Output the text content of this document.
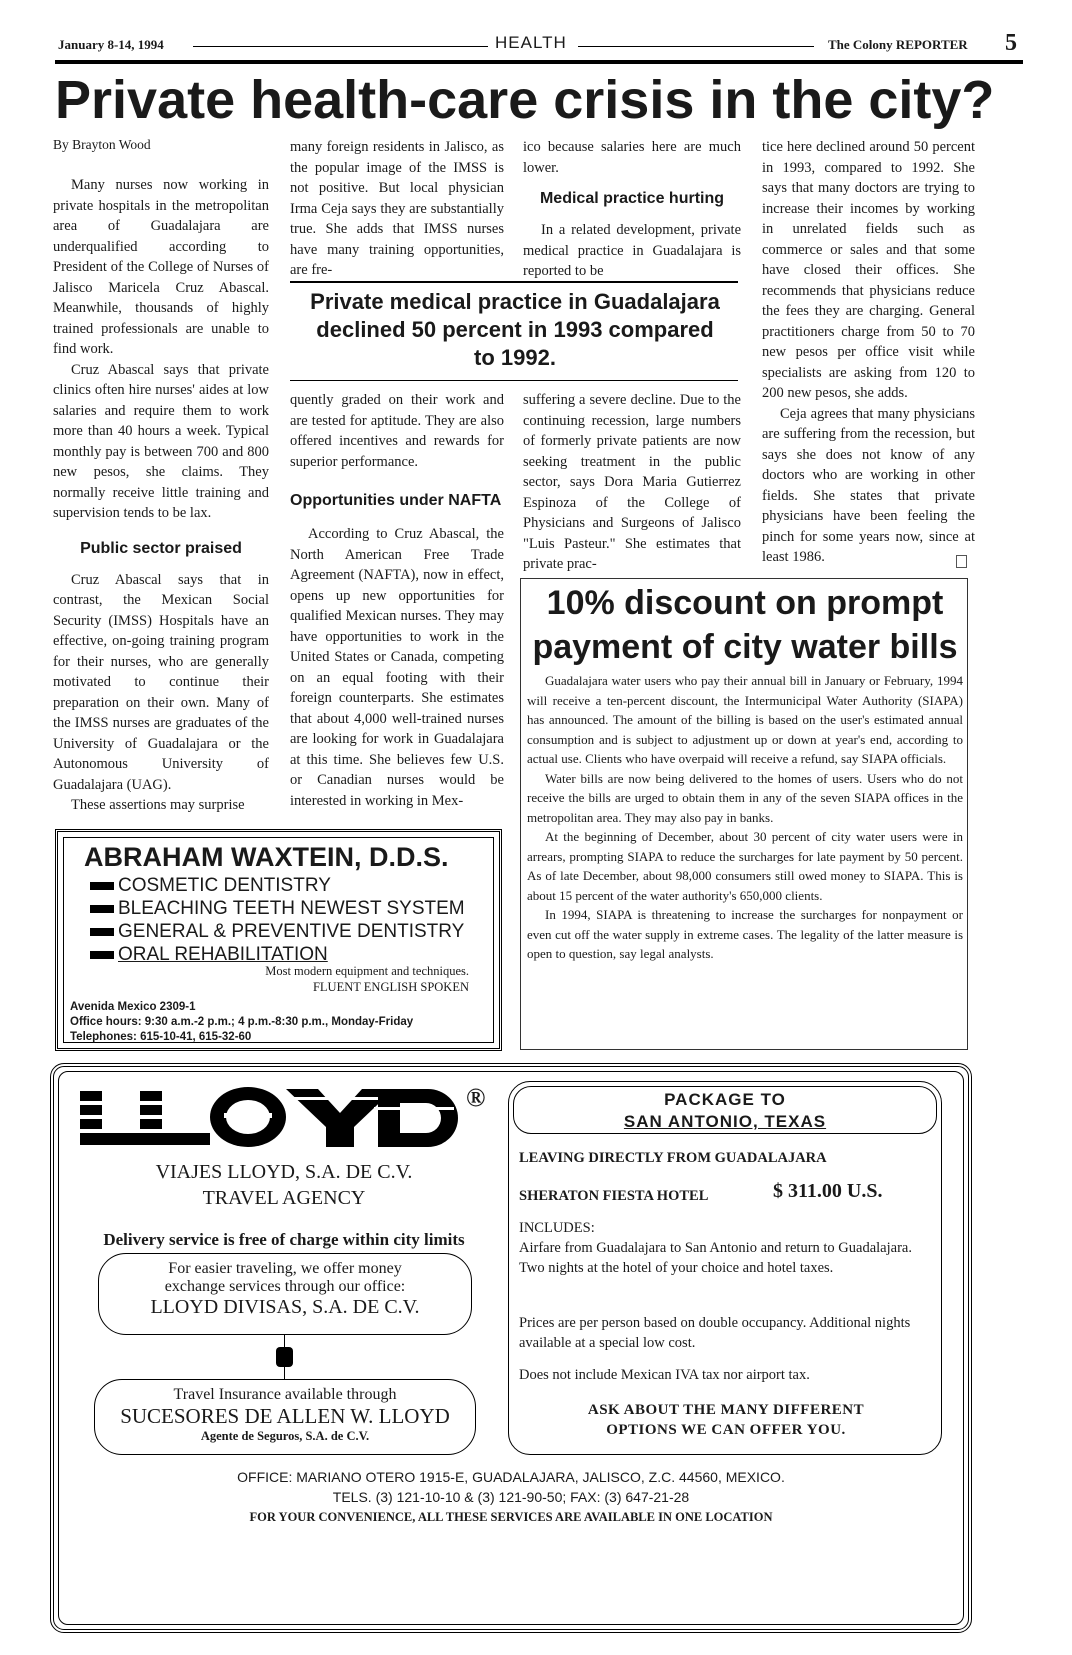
January 8-14, 1994	HEALTH	The Colony REPORTER 5
Private health-care crisis in the city?
By Brayton Wood

Many nurses now working in private hospitals in the metropolitan area of Guadalajara are underqualified according to President of the College of Nurses of Jalisco Maricela Cruz Abascal. Meanwhile, thousands of highly trained professionals are unable to find work.

Cruz Abascal says that private clinics often hire nurses' aides at low salaries and require them to work more than 40 hours a week. Typical monthly pay is between 700 and 800 new pesos, she claims. They normally receive little training and supervision tends to be lax.

Public sector praised

Cruz Abascal says that in contrast, the Mexican Social Security (IMSS) Hospitals have an effective, on-going training program for their nurses, who are generally motivated to continue their preparation on their own. Many of the IMSS nurses are graduates of the University of Guadalajara or the Autonomous University of Guadalajara (UAG).

These assertions may surprise

many foreign residents in Jalisco, as the popular image of the IMSS is not positive. But local physician Irma Ceja says they are substantially true. She adds that IMSS nurses have many training opportunities, are fre-

ico because salaries here are much lower.

Medical practice hurting

In a related development, private medical practice in Guadalajara is reported to be

Private medical practice in Guadalajara declined 50 percent in 1993 compared to 1992.

quently graded on their work and are tested for aptitude. They are also offered incentives and rewards for superior performance.

Opportunities under NAFTA

According to Cruz Abascal, the North American Free Trade Agreement (NAFTA), now in effect, opens up new opportunities for qualified Mexican nurses. They may have opportunities to work in the United States or Canada, competing on an equal footing with their foreign counterparts. She estimates that about 4,000 well-trained nurses are looking for work in Guadalajara at this time. She believes few U.S. or Canadian nurses would be interested in working in Mex-

suffering a severe decline. Due to the continuing recession, large numbers of formerly private patients are now seeking treatment in the public sector, says Dora Maria Gutierrez Espinoza of the College of Physicians and Surgeons of Jalisco "Luis Pasteur." She estimates that private prac-

tice here declined around 50 percent in 1993, compared to 1992. She says that many doctors are trying to increase their incomes by working in unrelated fields such as commerce or sales and that some have closed their offices. She recommends that physicians reduce the fees they are charging. General practitioners charge from 50 to 70 new pesos per office visit while specialists are asking from 120 to 200 new pesos, she adds.

Ceja agrees that many physicians are suffering from the recession, but says she does not know of any doctors who are working in other fields. She states that private physicians have been feeling the pinch for some years now, since at least 1986.

10% discount on prompt payment of city water bills

Guadalajara water users who pay their annual bill in January or February, 1994 will receive a ten-percent discount, the Intermunicipal Water Authority (SIAPA) has announced. The amount of the billing is based on the user's estimated annual consumption and is subject to adjustment up or down at year's end, according to actual use. Clients who have overpaid will receive a refund, say SIAPA officials.

Water bills are now being delivered to the homes of users. Users who do not receive the bills are urged to obtain them in any of the seven SIAPA offices in the metropolitan area. They may also pay in banks.

At the beginning of December, about 30 percent of city water users were in arrears, prompting SIAPA to reduce the surcharges for late payment by 50 percent. As of late December, about 98,000 consumers still owed money to SIAPA. This is about 15 percent of the water authority's 650,000 clients.

In 1994, SIAPA is threatening to increase the surcharges for nonpayment or even cut off the water supply in extreme cases. The legality of the latter measure is open to question, say legal analysts.

ABRAHAM WAXTEIN, D.D.S.
COSMETIC DENTISTRY
BLEACHING TEETH NEWEST SYSTEM
GENERAL & PREVENTIVE DENTISTRY
ORAL REHABILITATION
Most modern equipment and techniques.
FLUENT ENGLISH SPOKEN
Avenida Mexico 2309-1
Office hours: 9:30 a.m.-2 p.m.; 4 p.m.-8:30 p.m., Monday-Friday
Telephones: 615-10-41, 615-32-60
®
VIAJES LLOYD, S.A. DE C.V.
TRAVEL AGENCY
Delivery service is free of charge within city limits
For easier traveling, we offer money
exchange services through our office:
LLOYD DIVISAS, S.A. DE C.V.
Travel Insurance available through
SUCESORES DE ALLEN W. LLOYD
Agente de Seguros, S.A. de C.V.
PACKAGE TO
SAN ANTONIO, TEXAS
LEAVING DIRECTLY FROM GUADALAJARA
SHERATON FIESTA HOTEL	$ 311.00 U.S.
INCLUDES:
Airfare from Guadalajara to San Antonio and return to Guadalajara. Two nights at the hotel of your choice and hotel taxes.
Prices are per person based on double occupancy. Additional nights available at a special low cost.
Does not include Mexican IVA tax nor airport tax.
ASK ABOUT THE MANY DIFFERENT
OPTIONS WE CAN OFFER YOU.
OFFICE: MARIANO OTERO 1915-E, GUADALAJARA, JALISCO, Z.C. 44560, MEXICO.
TELS. (3) 121-10-10 & (3) 121-90-50; FAX: (3) 647-21-28
FOR YOUR CONVENIENCE, ALL THESE SERVICES ARE AVAILABLE IN ONE LOCATION
